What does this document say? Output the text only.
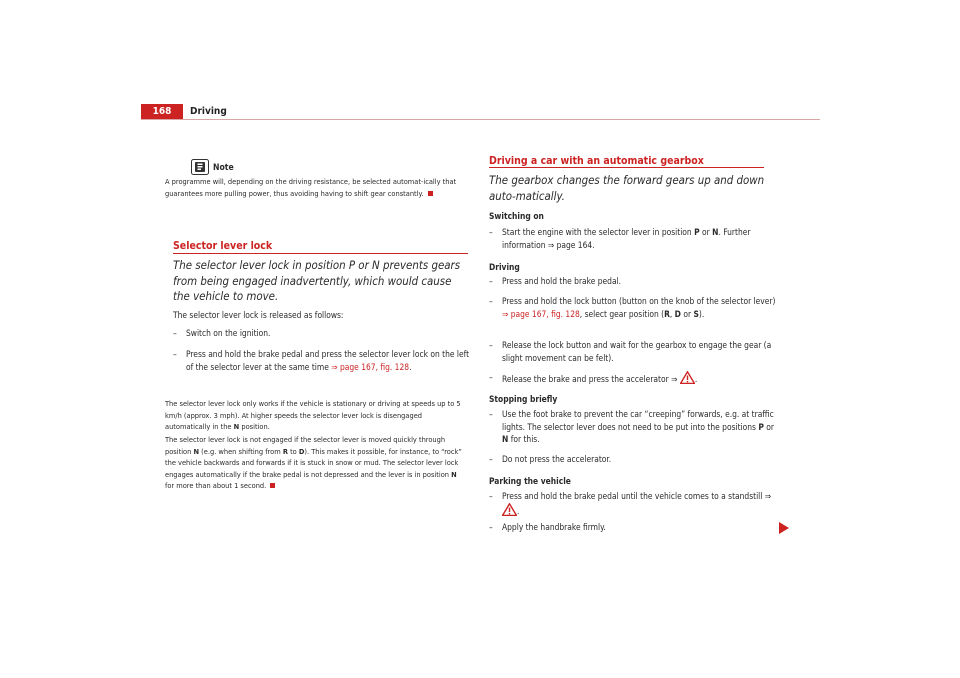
168	Driving
Note
A programme will, depending on the driving resistance, be selected automat-ically that guarantees more pulling power, thus avoiding having to shift gear constantly.
Selector lever lock
The selector lever lock in position P or N prevents gears from being engaged inadvertently, which would cause the vehicle to move.
The selector lever lock is released as follows:
– Switch on the ignition.
– Press and hold the brake pedal and press the selector lever lock on the left of the selector lever at the same time ⇒ page 167, fig. 128.
The selector lever lock only works if the vehicle is stationary or driving at speeds up to 5 km/h (approx. 3 mph). At higher speeds the selector lever lock is disengaged automatically in the N position.
The selector lever lock is not engaged if the selector lever is moved quickly through position N (e.g. when shifting from R to D). This makes it possible, for instance, to “rock” the vehicle backwards and forwards if it is stuck in snow or mud. The selector lever lock engages automatically if the brake pedal is not depressed and the lever is in position N for more than about 1 second.
Driving a car with an automatic gearbox
The gearbox changes the forward gears up and down auto-matically.
Switching on
– Start the engine with the selector lever in position P or N. Further information ⇒ page 164.
Driving
– Press and hold the brake pedal.
– Press and hold the lock button (button on the knob of the selector lever) ⇒ page 167, fig. 128, select gear position (R, D or S).
– Release the lock button and wait for the gearbox to engage the gear (a slight movement can be felt).
– Release the brake and press the accelerator ⇒ .
Stopping briefly
– Use the foot brake to prevent the car “creeping” forwards, e.g. at traffic lights. The selector lever does not need to be put into the positions P or N for this.
– Do not press the accelerator.
Parking the vehicle
– Press and hold the brake pedal until the vehicle comes to a standstill ⇒ .
– Apply the handbrake firmly.
